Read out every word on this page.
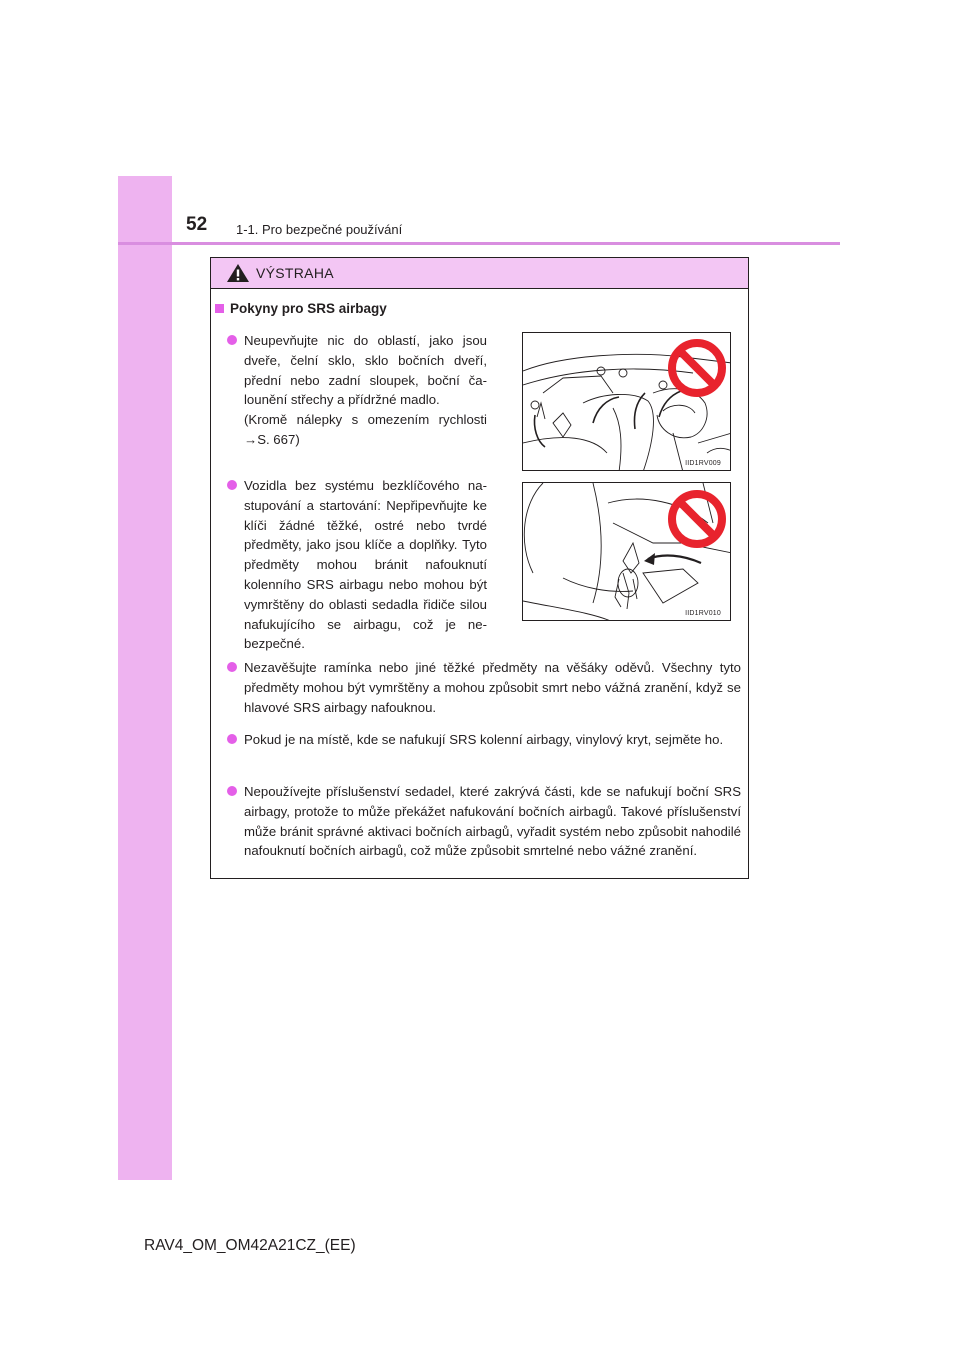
52 1-1. Pro bezpečné používání
VÝSTRAHA
Pokyny pro SRS airbagy
Neupevňujte nic do oblastí, jako jsou dveře, čelní sklo, sklo bočních dveří, přední nebo zadní sloupek, boční čalounění střechy a přídržné madlo.
(Kromě nálepky s omezením rychlosti →S. 667)
IID1RV009
Vozidla bez systému bezklíčového nastupování a startování: Nepřipevňujte ke klíči žádné těžké, ostré nebo tvrdé předměty, jako jsou klíče a doplňky. Tyto předměty mohou bránit nafouknutí kolenního SRS airbagu nebo mohou být vymrštěny do oblasti sedadla řidiče silou nafukujícího se airbagu, což je nebezpečné.
IID1RV010
Nezavěšujte ramínka nebo jiné těžké předměty na věšáky oděvů. Všechny tyto předměty mohou být vymrštěny a mohou způsobit smrt nebo vážná zranění, když se hlavové SRS airbagy nafouknou.
Pokud je na místě, kde se nafukují SRS kolenní airbagy, vinylový kryt, sejměte ho.
Nepoužívejte příslušenství sedadel, které zakrývá části, kde se nafukují boční SRS airbagy, protože to může překážet nafukování bočních airbagů. Takové příslušenství může bránit správné aktivaci bočních airbagů, vyřadit systém nebo způsobit nahodilé nafouknutí bočních airbagů, což může způsobit smrtelné nebo vážné zranění.
RAV4_OM_OM42A21CZ_(EE)
